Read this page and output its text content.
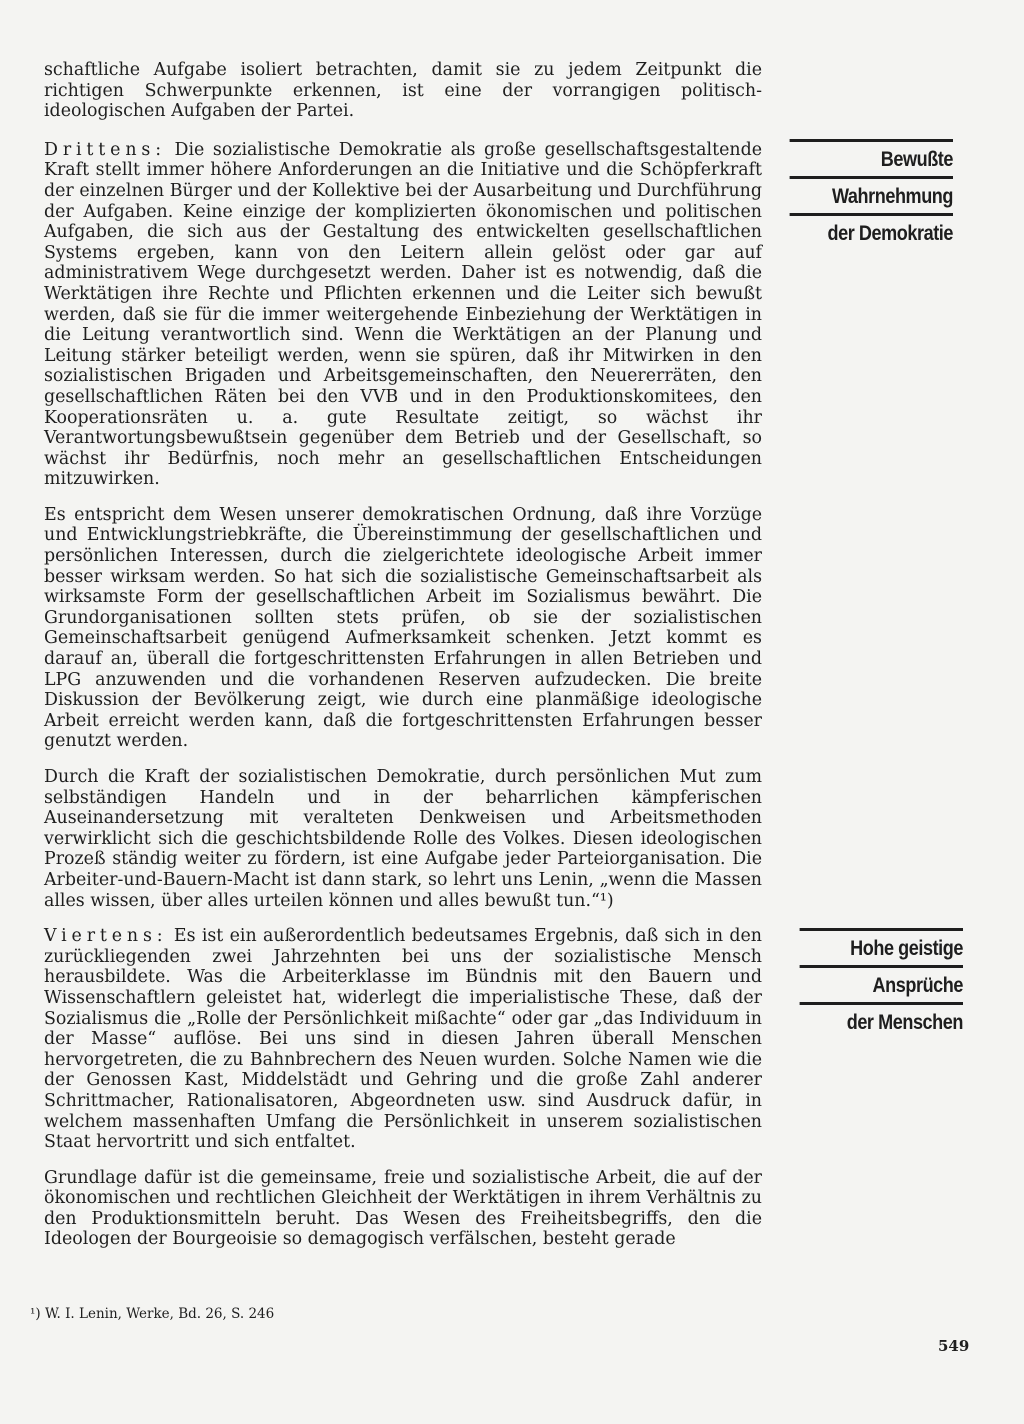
schaftliche Aufgabe isoliert betrachten, damit sie zu jedem Zeitpunkt die richtigen Schwerpunkte erkennen, ist eine der vorrangigen politisch-ideologischen Aufgaben der Partei.

Drittens: Die sozialistische Demokratie als große gesellschaftsgestaltende Kraft stellt immer höhere Anforderungen an die Initiative und die Schöpferkraft der einzelnen Bürger und der Kollektive bei der Ausarbeitung und Durchführung der Aufgaben. Keine einzige der komplizierten ökonomischen und politischen Aufgaben, die sich aus der Gestaltung des entwickelten gesellschaftlichen Systems ergeben, kann von den Leitern allein gelöst oder gar auf administrativem Wege durchgesetzt werden. Daher ist es notwendig, daß die Werktätigen ihre Rechte und Pflichten erkennen und die Leiter sich bewußt werden, daß sie für die immer weitergehende Einbeziehung der Werktätigen in die Leitung verantwortlich sind. Wenn die Werktätigen an der Planung und Leitung stärker beteiligt werden, wenn sie spüren, daß ihr Mitwirken in den sozialistischen Brigaden und Arbeitsgemeinschaften, den Neuererräten, den gesellschaftlichen Räten bei den VVB und in den Produktionskomitees, den Kooperationsräten u. a. gute Resultate zeitigt, so wächst ihr Verantwortungsbewußtsein gegenüber dem Betrieb und der Gesellschaft, so wächst ihr Bedürfnis, noch mehr an gesellschaftlichen Entscheidungen mitzuwirken.

Es entspricht dem Wesen unserer demokratischen Ordnung, daß ihre Vorzüge und Entwicklungstriebkräfte, die Übereinstimmung der gesellschaftlichen und persönlichen Interessen, durch die zielgerichtete ideologische Arbeit immer besser wirksam werden. So hat sich die sozialistische Gemeinschaftsarbeit als wirksamste Form der gesellschaftlichen Arbeit im Sozialismus bewährt. Die Grundorganisationen sollten stets prüfen, ob sie der sozialistischen Gemeinschaftsarbeit genügend Aufmerksamkeit schenken. Jetzt kommt es darauf an, überall die fortgeschrittensten Erfahrungen in allen Betrieben und LPG anzuwenden und die vorhandenen Reserven aufzudecken. Die breite Diskussion der Bevölkerung zeigt, wie durch eine planmäßige ideologische Arbeit erreicht werden kann, daß die fortgeschrittensten Erfahrungen besser genutzt werden.

Durch die Kraft der sozialistischen Demokratie, durch persönlichen Mut zum selbständigen Handeln und in der beharrlichen kämpferischen Auseinandersetzung mit veralteten Denkweisen und Arbeitsmethoden verwirklicht sich die geschichtsbildende Rolle des Volkes. Diesen ideologischen Prozeß ständig weiter zu fördern, ist eine Aufgabe jeder Parteiorganisation. Die Arbeiter-und-Bauern-Macht ist dann stark, so lehrt uns Lenin, „wenn die Massen alles wissen, über alles urteilen können und alles bewußt tun.“¹)

Viertens: Es ist ein außerordentlich bedeutsames Ergebnis, daß sich in den zurückliegenden zwei Jahrzehnten bei uns der sozialistische Mensch herausbildete. Was die Arbeiterklasse im Bündnis mit den Bauern und Wissenschaftlern geleistet hat, widerlegt die imperialistische These, daß der Sozialismus die „Rolle der Persönlichkeit mißachte“ oder gar „das Individuum in der Masse“ auflöse. Bei uns sind in diesen Jahren überall Menschen hervorgetreten, die zu Bahnbrechern des Neuen wurden. Solche Namen wie die der Genossen Kast, Middelstädt und Gehring und die große Zahl anderer Schrittmacher, Rationalisatoren, Abgeordneten usw. sind Ausdruck dafür, in welchem massenhaften Umfang die Persönlichkeit in unserem sozialistischen Staat hervortritt und sich entfaltet.

Grundlage dafür ist die gemeinsame, freie und sozialistische Arbeit, die auf der ökonomischen und rechtlichen Gleichheit der Werktätigen in ihrem Verhältnis zu den Produktionsmitteln beruht. Das Wesen des Freiheitsbegriffs, den die Ideologen der Bourgeoisie so demagogisch verfälschen, besteht gerade

Bewußte
Wahrnehmung
der Demokratie
Hohe geistige
Ansprüche
der Menschen
¹) W. I. Lenin, Werke, Bd. 26, S. 246
549
